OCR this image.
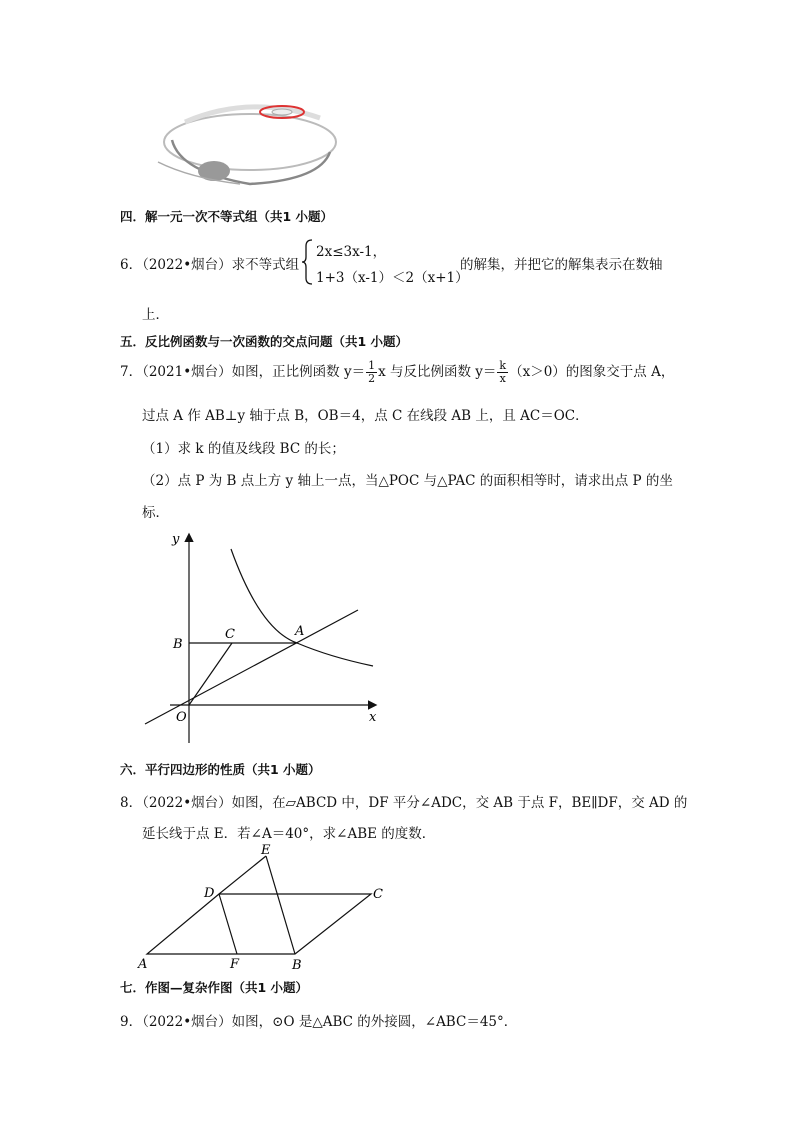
四．解一元一次不等式组（共1 小题）
6．（2022•烟台）求不等式组
2x≤3x-1，
1+3（x-1）＜2（x+1）
的解集，并把它的解集表示在数轴
上．
五．反比例函数与一次函数的交点问题（共1 小题）
7．（2021•烟台）如图，正比例函数 $y= \frac{1}{2}$ x 与反比例函数 $y= \frac{k}{x} (x>0)$的图象交于点 A，
过点 A 作 AB⊥y 轴于点 B，OB＝4，点 C 在线段 AB 上，且 AC＝OC．
（1）求 k 的值及线段 BC 的长；
（2）点 P 为 B 点上方 y 轴上一点，当△POC 与△PAC 的面积相等时，请求出点 P 的坐
标．
y
x
O
B
C	A
六．平行四边形的性质（共1 小题）
8．（2022•烟台）如图，在▱ABCD 中，DF 平分∠ADC，交 AB 于点 F，BE∥DF，交 AD 的
延长线于点 E．若∠A＝40°，求∠ABE 的度数．
E
D	C
A	F	B
七．作图—复杂作图（共1 小题）
9．（2022•烟台）如图，⊙O 是△ABC 的外接圆，∠ABC＝45°．
